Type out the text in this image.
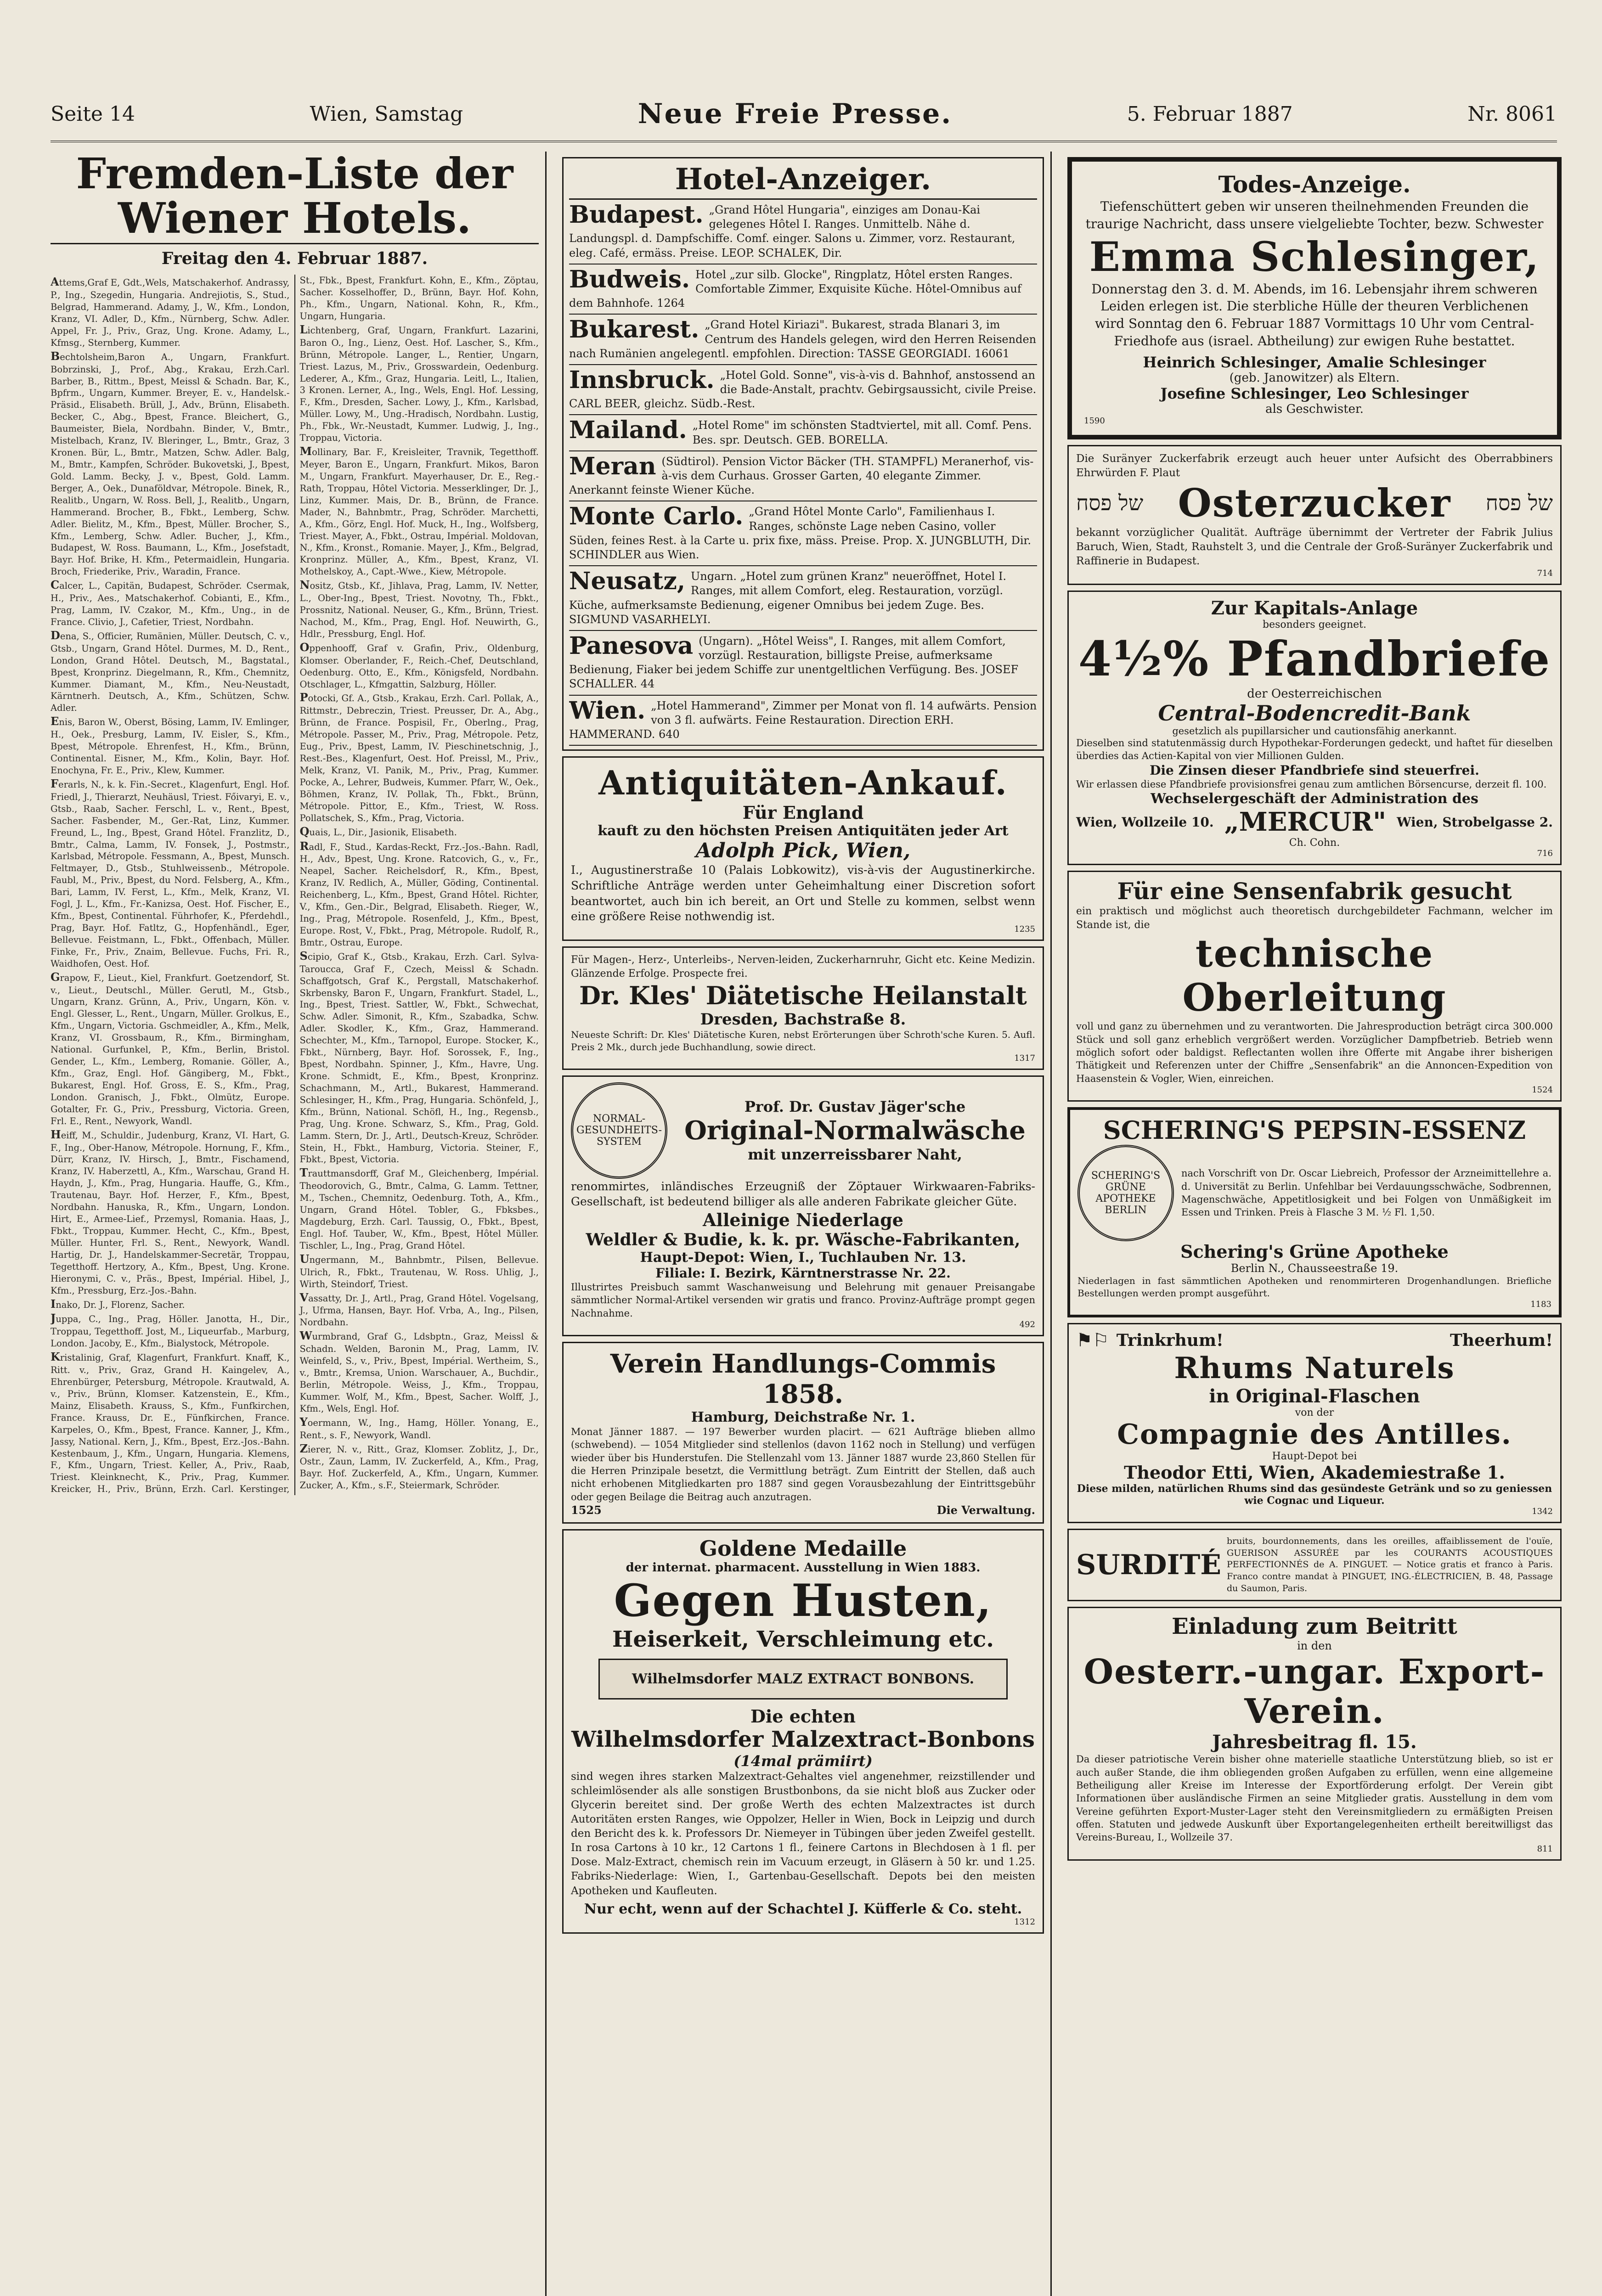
Seite 14	Wien, Samstag	Neue Freie Presse.	5. Februar 1887	Nr. 8061
Fremden-Liste der Wiener Hotels.
Freitag den 4. Februar 1887.

Attems,Graf E, Gdt.,Wels, Matschakerhof. Andrassy, P., Ing., Szegedin, Hungaria. Andrejiotis, S., Stud., Belgrad, Hammerand. Adamy, J., W., Kfm., London, Kranz, VI. Adler, D., Kfm., Nürnberg, Schw. Adler. Appel, Fr. J., Priv., Graz, Ung. Krone. Adamy, L., Kfmsg., Sternberg, Kummer.

Bechtolsheim,Baron A., Ungarn, Frankfurt. Bobrzinski, J., Prof., Abg., Krakau, Erzh.Carl. Barber, B., Rittm., Bpest, Meissl & Schadn. Bar, K., Bpfrm., Ungarn, Kummer. Breyer, E. v., Handelsk.-Präsid., Elisabeth. Brüll, J., Adv., Brünn, Elisabeth. Becker, C., Abg., Bpest, France. Bleichert, G., Baumeister, Biela, Nordbahn. Binder, V., Bmtr., Mistelbach, Kranz, IV. Bleringer, L., Bmtr., Graz, 3 Kronen. Bür, L., Bmtr., Matzen, Schw. Adler. Balg, M., Bmtr., Kampfen, Schröder. Bukovetski, J., Bpest, Gold. Lamm. Becky, J. v., Bpest, Gold. Lamm. Berger, A., Oek., Dunaföldvar, Métropole. Binek, R., Realitb., Ungarn, W. Ross. Bell, J., Realitb., Ungarn, Hammerand. Brocher, B., Fbkt., Lemberg, Schw. Adler. Bielitz, M., Kfm., Bpest, Müller. Brocher, S., Kfm., Lemberg, Schw. Adler. Bucher, J., Kfm., Budapest, W. Ross. Baumann, L., Kfm., Josefstadt, Bayr. Hof. Brike, H. Kfm., Petermaidlein, Hungaria. Broch, Friederike, Priv., Waradin, France.

Calcer, L., Capitän, Budapest, Schröder. Csermak, H., Priv., Aes., Matschakerhof. Cobianti, E., Kfm., Prag, Lamm, IV. Czakor, M., Kfm., Ung., in de France. Clivio, J., Cafetier, Triest, Nordbahn.

Dena, S., Officier, Rumänien, Müller. Deutsch, C. v., Gtsb., Ungarn, Grand Hôtel. Durmes, M. D., Rent., London, Grand Hôtel. Deutsch, M., Bagstatal., Bpest, Kronprinz. Diegelmann, R., Kfm., Chemnitz, Kummer. Diamant, M., Kfm., Neu-Neustadt, Kärntnerh. Deutsch, A., Kfm., Schützen, Schw. Adler.

Enis, Baron W., Oberst, Bösing, Lamm, IV. Emlinger, H., Oek., Presburg, Lamm, IV. Eisler, S., Kfm., Bpest, Métropole. Ehrenfest, H., Kfm., Brünn, Continental. Eisner, M., Kfm., Kolin, Bayr. Hof. Enochyna, Fr. E., Priv., Klew, Kummer.

Ferarls, N., k. k. Fin.-Secret., Klagenfurt, Engl. Hof. Friedl, J., Thierarzt, Neuhäusl, Triest. Főivaryi, E. v., Gtsb., Raab, Sacher. Ferschl, L. v., Rent., Bpest, Sacher. Fasbender, M., Ger.-Rat, Linz, Kummer. Freund, L., Ing., Bpest, Grand Hôtel. Franzlitz, D., Bmtr., Calma, Lamm, IV. Fonsek, J., Postmstr., Karlsbad, Métropole. Fessmann, A., Bpest, Munsch. Feltmayer, D., Gtsb., Stuhlweissenb., Métropole. Faubl, M., Priv., Bpest, du Nord. Felsberg, A., Kfm., Bari, Lamm, IV. Ferst, L., Kfm., Melk, Kranz, VI. Fogl, J. L., Kfm., Fr.-Kanizsa, Oest. Hof. Fischer, E., Kfm., Bpest, Continental. Führhofer, K., Pferdehdl., Prag, Bayr. Hof. Fatltz, G., Hopfenhändl., Eger, Bellevue. Feistmann, L., Fbkt., Offenbach, Müller. Finke, Fr., Priv., Znaim, Bellevue. Fuchs, Fri. R., Waidhofen, Oest. Hof.

Grapow, F., Lieut., Kiel, Frankfurt. Goetzendorf, St. v., Lieut., Deutschl., Müller. Gerutl, M., Gtsb., Ungarn, Kranz. Grünn, A., Priv., Ungarn, Kön. v. Engl. Glesser, L., Rent., Ungarn, Müller. Grolkus, E., Kfm., Ungarn, Victoria. Gschmeidler, A., Kfm., Melk, Kranz, VI. Grossbaum, R., Kfm., Birmingham, National. Gurfunkel, P., Kfm., Berlin, Bristol. Gender, L., Kfm., Lemberg, Romanie. Göller, A., Kfm., Graz, Engl. Hof. Gängiberg, M., Fbkt., Bukarest, Engl. Hof. Gross, E. S., Kfm., Prag, London. Granisch, J., Fbkt., Olmütz, Europe. Gotalter, Fr. G., Priv., Pressburg, Victoria. Green, Frl. E., Rent., Newyork, Wandl.

Heiff, M., Schuldir., Judenburg, Kranz, VI. Hart, G. F., Ing., Ober-Hanow, Métropole. Hornung, F., Kfm., Dürr, Kranz, IV. Hirsch, J., Bmtr., Fischamend, Kranz, IV. Haberzettl, A., Kfm., Warschau, Grand H. Haydn, J., Kfm., Prag, Hungaria. Hauffe, G., Kfm., Trautenau, Bayr. Hof. Herzer, F., Kfm., Bpest, Nordbahn. Hanuska, R., Kfm., Ungarn, London. Hirt, E., Armee-Lief., Przemysl, Romania. Haas, J., Fbkt., Troppau, Kummer. Hecht, C., Kfm., Bpest, Müller. Hunter, Frl. S., Rent., Newyork, Wandl. Hartig, Dr. J., Handelskammer-Secretär, Troppau, Tegetthoff. Hertzory, A., Kfm., Bpest, Ung. Krone. Hieronymi, C. v., Präs., Bpest, Impérial. Hibel, J., Kfm., Pressburg, Erz.-Jos.-Bahn.

Inako, Dr. J., Florenz, Sacher.

Juppa, C., Ing., Prag, Höller. Janotta, H., Dir., Troppau, Tegetthoff. Jost, M., Liqueurfab., Marburg, London. Jacoby, E., Kfm., Bialystock, Métropole.

Kristalinig, Graf, Klagenfurt, Frankfurt. Knaff, K., Ritt. v., Priv., Graz, Grand H. Kaingelev, A., Ehrenbürger, Petersburg, Métropole. Krautwald, A. v., Priv., Brünn, Klomser. Katzenstein, E., Kfm., Mainz, Elisabeth. Krauss, S., Kfm., Funfkirchen, France. Krauss, Dr. E., Fünfkirchen, France. Karpeles, O., Kfm., Bpest, France. Kanner, J., Kfm., Jassy, National. Kern, J., Kfm., Bpest, Erz.-Jos.-Bahn. Kestenbaum, J., Kfm., Ungarn, Hungaria. Klemens, F., Kfm., Ungarn, Triest. Keller, A., Priv., Raab, Triest. Kleinknecht, K., Priv., Prag, Kummer. Kreicker, H., Priv., Brünn, Erzh. Carl. Kerstinger, St., Fbk., Bpest, Frankfurt. Kohn, E., Kfm., Zöptau, Sacher. Kosselhoffer, D., Brünn, Bayr. Hof. Kohn, Ph., Kfm., Ungarn, National. Kohn, R., Kfm., Ungarn, Hungaria.

Lichtenberg, Graf, Ungarn, Frankfurt. Lazarini, Baron O., Ing., Lienz, Oest. Hof. Lascher, S., Kfm., Brünn, Métropole. Langer, L., Rentier, Ungarn, Triest. Lazus, M., Priv., Grosswardein, Oedenburg. Lederer, A., Kfm., Graz, Hungaria. Leitl, L., Italien, 3 Kronen. Lerner, A., Ing., Wels, Engl. Hof. Lessing, F., Kfm., Dresden, Sacher. Lowy, J., Kfm., Karlsbad, Müller. Lowy, M., Ung.-Hradisch, Nordbahn. Lustig, Ph., Fbk., Wr.-Neustadt, Kummer. Ludwig, J., Ing., Troppau, Victoria.

Mollinary, Bar. F., Kreisleiter, Travnik, Tegetthoff. Meyer, Baron E., Ungarn, Frankfurt. Mikos, Baron M., Ungarn, Frankfurt. Mayerhauser, Dr. E., Reg.-Rath, Troppau, Hôtel Victoria. Messerklinger, Dr. J., Linz, Kummer. Mais, Dr. B., Brünn, de France. Mader, N., Bahnbmtr., Prag, Schröder. Marchetti, A., Kfm., Görz, Engl. Hof. Muck, H., Ing., Wolfsberg, Triest. Mayer, A., Fbkt., Ostrau, Impérial. Moldovan, N., Kfm., Kronst., Romanie. Mayer, J., Kfm., Belgrad, Kronprinz. Müller, A., Kfm., Bpest, Kranz, VI. Mothelskoy, A., Capt.-Wwe., Kiew, Métropole.

Nositz, Gtsb., Kf., Jihlava, Prag, Lamm, IV. Netter, L., Ober-Ing., Bpest, Triest. Novotny, Th., Fbkt., Prossnitz, National. Neuser, G., Kfm., Brünn, Triest. Nachod, M., Kfm., Prag, Engl. Hof. Neuwirth, G., Hdlr., Pressburg, Engl. Hof.

Oppenhooff, Graf v. Grafin, Priv., Oldenburg, Klomser. Oberlander, F., Reich.-Chef, Deutschland, Oedenburg. Otto, E., Kfm., Königsfeld, Nordbahn. Otschlager, L., Kfmgattin, Salzburg, Höller.

Potocki, Gf. A., Gtsb., Krakau, Erzh. Carl. Pollak, A., Rittmstr., Debreczin, Triest. Preusser, Dr. A., Abg., Brünn, de France. Pospisil, Fr., Oberlng., Prag, Métropole. Passer, M., Priv., Prag, Métropole. Petz, Eug., Priv., Bpest, Lamm, IV. Pieschinetschnig, J., Rest.-Bes., Klagenfurt, Oest. Hof. Preissl, M., Priv., Melk, Kranz, VI. Panik, M., Priv., Prag, Kummer. Pocke, A., Lehrer, Budweis, Kummer. Pfarr, W., Oek., Böhmen, Kranz, IV. Pollak, Th., Fbkt., Brünn, Métropole. Pittor, E., Kfm., Triest, W. Ross. Pollatschek, S., Kfm., Prag, Victoria.

Quais, L., Dir., Jasionik, Elisabeth.

Radl, F., Stud., Kardas-Reckt, Frz.-Jos.-Bahn. Radl, H., Adv., Bpest, Ung. Krone. Ratcovich, G., v., Fr., Neapel, Sacher. Reichelsdorf, R., Kfm., Bpest, Kranz, IV. Redlich, A., Müller, Göding, Continental. Reichenberg, L., Kfm., Bpest, Grand Hôtel. Richter, V., Kfm., Gen.-Dir., Belgrad, Elisabeth. Rieger, W., Ing., Prag, Métropole. Rosenfeld, J., Kfm., Bpest, Europe. Rost, V., Fbkt., Prag, Métropole. Rudolf, R., Bmtr., Ostrau, Europe.

Scipio, Graf K., Gtsb., Krakau, Erzh. Carl. Sylva-Taroucca, Graf F., Czech, Meissl & Schadn. Schaffgotsch, Graf K., Pergstall, Matschakerhof. Skrbensky, Baron F., Ungarn, Frankfurt. Stadel, L., Ing., Bpest, Triest. Sattler, W., Fbkt., Schwechat, Schw. Adler. Simonit, R., Kfm., Szabadka, Schw. Adler. Skodler, K., Kfm., Graz, Hammerand. Schechter, M., Kfm., Tarnopol, Europe. Stocker, K., Fbkt., Nürnberg, Bayr. Hof. Sorossek, F., Ing., Bpest, Nordbahn. Spinner, J., Kfm., Havre, Ung. Krone. Schmidt, E., Kfm., Bpest, Kronprinz. Schachmann, M., Artl., Bukarest, Hammerand. Schlesinger, H., Kfm., Prag, Hungaria. Schönfeld, J., Kfm., Brünn, National. Schöfl, H., Ing., Regensb., Prag, Ung. Krone. Schwarz, S., Kfm., Prag, Gold. Lamm. Stern, Dr. J., Artl., Deutsch-Kreuz, Schröder. Stein, H., Fbkt., Hamburg, Victoria. Steiner, F., Fbkt., Bpest, Victoria.

Trauttmansdorff, Graf M., Gleichenberg, Impérial. Theodorovich, G., Bmtr., Calma, G. Lamm. Tettner, M., Tschen., Chemnitz, Oedenburg. Toth, A., Kfm., Ungarn, Grand Hôtel. Tobler, G., Fbksbes., Magdeburg, Erzh. Carl. Taussig, O., Fbkt., Bpest, Engl. Hof. Tauber, W., Kfm., Bpest, Hôtel Müller. Tischler, L., Ing., Prag, Grand Hôtel.

Ungermann, M., Bahnbmtr., Pilsen, Bellevue. Ulrich, R., Fbkt., Trautenau, W. Ross. Uhlig, J., Wirth, Steindorf, Triest.

Vassatty, Dr. J., Artl., Prag, Grand Hôtel. Vogelsang, J., Ufrma, Hansen, Bayr. Hof. Vrba, A., Ing., Pilsen, Nordbahn.

Wurmbrand, Graf G., Ldsbptn., Graz, Meissl & Schadn. Welden, Baronin M., Prag, Lamm, IV. Weinfeld, S., v., Priv., Bpest, Impérial. Wertheim, S., v., Bmtr., Kremsa, Union. Warschauer, A., Buchdir., Berlin, Métropole. Weiss, J., Kfm., Troppau, Kummer. Wolf, M., Kfm., Bpest, Sacher. Wolff, J., Kfm., Wels, Engl. Hof.

Yoermann, W., Ing., Hamg, Höller. Yonang, E., Rent., s. F., Newyork, Wandl.

Zierer, N. v., Ritt., Graz, Klomser. Zoblitz, J., Dr., Ostr., Zaun, Lamm, IV. Zuckerfeld, A., Kfm., Prag, Bayr. Hof. Zuckerfeld, A., Kfm., Ungarn, Kummer. Zucker, A., Kfm., s.F., Steiermark, Schröder.

Hotel-Anzeiger.
Budapest. „Grand Hôtel Hungaria", einziges am Donau-Kai gelegenes Hôtel I. Ranges. Unmittelb. Nähe d. Landungspl. d. Dampfschiffe. Comf. einger. Salons u. Zimmer, vorz. Restaurant, eleg. Café, ermäss. Preise. LEOP. SCHALEK, Dir.
Budweis. Hotel „zur silb. Glocke", Ringplatz, Hôtel ersten Ranges. Comfortable Zimmer, Exquisite Küche. Hôtel-Omnibus auf dem Bahnhofe. 1264
Bukarest. „Grand Hotel Kiriazi". Bukarest, strada Blanari 3, im Centrum des Handels gelegen, wird den Herren Reisenden nach Rumänien angelegentl. empfohlen. Direction: TASSE GEORGIADI. 16061
Innsbruck. „Hotel Gold. Sonne", vis-à-vis d. Bahnhof, anstossend an die Bade-Anstalt, prachtv. Gebirgsaussicht, civile Preise. CARL BEER, gleichz. Südb.-Rest.
Mailand. „Hotel Rome" im schönsten Stadtviertel, mit all. Comf. Pens. Bes. spr. Deutsch. GEB. BORELLA.
Meran (Südtirol). Pension Victor Bäcker (TH. STAMPFL) Meranerhof, vis-à-vis dem Curhaus. Grosser Garten, 40 elegante Zimmer. Anerkannt feinste Wiener Küche.
Monte Carlo. „Grand Hôtel Monte Carlo", Familienhaus I. Ranges, schönste Lage neben Casino, voller Süden, feines Rest. à la Carte u. prix fixe, mäss. Preise. Prop. X. JUNGBLUTH, Dir. SCHINDLER aus Wien.
Neusatz, Ungarn. „Hotel zum grünen Kranz" neueröffnet, Hotel I. Ranges, mit allem Comfort, eleg. Restauration, vorzügl. Küche, aufmerksamste Bedienung, eigener Omnibus bei jedem Zuge. Bes. SIGMUND VASARHELYI.
Panesova (Ungarn). „Hôtel Weiss", I. Ranges, mit allem Comfort, vorzügl. Restauration, billigste Preise, aufmerksame Bedienung, Fiaker bei jedem Schiffe zur unentgeltlichen Verfügung. Bes. JOSEF SCHALLER. 44
Wien. „Hotel Hammerand", Zimmer per Monat von fl. 14 aufwärts. Pension von 3 fl. aufwärts. Feine Restauration. Direction ERH. HAMMERAND. 640
Antiquitäten-Ankauf.
Für England
kauft zu den höchsten Preisen Antiquitäten jeder Art
Adolph Pick, Wien,
I., Augustinerstraße 10 (Palais Lobkowitz), vis-à-vis der Augustinerkirche. Schriftliche Anträge werden unter Geheimhaltung einer Discretion sofort beantwortet, auch bin ich bereit, an Ort und Stelle zu kommen, selbst wenn eine größere Reise nothwendig ist.
1235
Für Magen-, Herz-, Unterleibs-, Nerven-leiden, Zuckerharnruhr, Gicht etc. Keine Medizin. Glänzende Erfolge. Prospecte frei.
Dr. Kles' Diätetische Heilanstalt
Dresden, Bachstraße 8.
Neueste Schrift: Dr. Kles' Diätetische Kuren, nebst Erörterungen über Schroth'sche Kuren. 5. Aufl. Preis 2 Mk., durch jede Buchhandlung, sowie direct.
1317
NORMAL-GESUNDHEITS-SYSTEM
Prof. Dr. Gustav Jäger'sche
Original-Normalwäsche
mit unzerreissbarer Naht,
renommirtes, inländisches Erzeugniß der Zöptauer Wirkwaaren-Fabriks-Gesellschaft, ist bedeutend billiger als alle anderen Fabrikate gleicher Güte.
Alleinige Niederlage
Weldler & Budie, k. k. pr. Wäsche-Fabrikanten,
Haupt-Depot: Wien, I., Tuchlauben Nr. 13.
Filiale: I. Bezirk, Kärntnerstrasse Nr. 22.
Illustrirtes Preisbuch sammt Waschanweisung und Belehrung mit genauer Preisangabe sämmtlicher Normal-Artikel versenden wir gratis und franco. Provinz-Aufträge prompt gegen Nachnahme.
492
Verein Handlungs-Commis 1858.
Hamburg, Deichstraße Nr. 1.
Monat Jänner 1887. — 197 Bewerber wurden placirt. — 621 Aufträge blieben allmo (schwebend). — 1054 Mitglieder sind stellenlos (davon 1162 noch in Stellung) und verfügen wieder über bis Hunderstufen. Die Stellenzahl vom 13. Jänner 1887 wurde 23,860 Stellen für die Herren Prinzipale besetzt, die Vermittlung beträgt. Zum Eintritt der Stellen, daß auch nicht erhobenen Mitgliedkarten pro 1887 sind gegen Vorausbezahlung der Eintrittsgebühr oder gegen Beilage die Beitrag auch anzutragen.
1525	Die Verwaltung.
Goldene Medaille
der internat. pharmacent. Ausstellung in Wien 1883.
Gegen Husten,
Heiserkeit, Verschleimung etc.
Wilhelmsdorfer MALZ EXTRACT BONBONS.
Die echten
Wilhelmsdorfer Malzextract-Bonbons
(14mal prämiirt)
sind wegen ihres starken Malzextract-Gehaltes viel angenehmer, reizstillender und schleimlösender als alle sonstigen Brustbonbons, da sie nicht bloß aus Zucker oder Glycerin bereitet sind. Der große Werth des echten Malzextractes ist durch Autoritäten ersten Ranges, wie Oppolzer, Heller in Wien, Bock in Leipzig und durch den Bericht des k. k. Professors Dr. Niemeyer in Tübingen über jeden Zweifel gestellt. In rosa Cartons à 10 kr., 12 Cartons 1 fl., feinere Cartons in Blechdosen à 1 fl. per Dose. Malz-Extract, chemisch rein im Vacuum erzeugt, in Gläsern à 50 kr. und 1.25. Fabriks-Niederlage: Wien, I., Gartenbau-Gesellschaft. Depots bei den meisten Apotheken und Kaufleuten.
Nur echt, wenn auf der Schachtel J. Küfferle & Co. steht.
1312
Todes-Anzeige.
Tiefenschüttert geben wir unseren theilnehmenden Freunden die traurige Nachricht, dass unsere vielgeliebte Tochter, bezw. Schwester
Emma Schlesinger,
Donnerstag den 3. d. M. Abends, im 16. Lebensjahr ihrem schweren Leiden erlegen ist. Die sterbliche Hülle der theuren Verblichenen wird Sonntag den 6. Februar 1887 Vormittags 10 Uhr vom Central-Friedhofe aus (israel. Abtheilung) zur ewigen Ruhe bestattet.
Heinrich Schlesinger, Amalie Schlesinger
(geb. Janowitzer) als Eltern.
Josefine Schlesinger, Leo Schlesinger
als Geschwister.
1590
Die Suränyer Zuckerfabrik erzeugt auch heuer unter Aufsicht des Oberrabbiners Ehrwürden F. Plaut
של פסח Osterzucker של פסח
bekannt vorzüglicher Qualität. Aufträge übernimmt der Vertreter der Fabrik Julius Baruch, Wien, Stadt, Rauhstelt 3, und die Centrale der Groß-Suränyer Zuckerfabrik und Raffinerie in Budapest.
714
Zur Kapitals-Anlage
besonders geeignet.
4½% Pfandbriefe
der Oesterreichischen
Central-Bodencredit-Bank
gesetzlich als pupillarsicher und cautionsfähig anerkannt.
Dieselben sind statutenmässig durch Hypothekar-Forderungen gedeckt, und haftet für dieselben überdies das Actien-Kapital von vier Millionen Gulden.
Die Zinsen dieser Pfandbriefe sind steuerfrei.
Wir erlassen diese Pfandbriefe provisionsfrei genau zum amtlichen Börsencurse, derzeit fl. 100.
Wechselergeschäft der Administration des
Wien, Wollzeile 10. „MERCUR" Wien, Strobelgasse 2.
Ch. Cohn.
716
Für eine Sensenfabrik gesucht
ein praktisch und möglichst auch theoretisch durchgebildeter Fachmann, welcher im Stande ist, die
technische Oberleitung
voll und ganz zu übernehmen und zu verantworten. Die Jahresproduction beträgt circa 300.000 Stück und soll ganz erheblich vergrößert werden. Vorzüglicher Dampfbetrieb. Betrieb wenn möglich sofort oder baldigst. Reflectanten wollen ihre Offerte mit Angabe ihrer bisherigen Thätigkeit und Referenzen unter der Chiffre „Sensenfabrik" an die Annoncen-Expedition von Haasenstein & Vogler, Wien, einreichen.
1524
SCHERING'S PEPSIN-ESSENZ
SCHERING'S GRÜNE APOTHEKE BERLIN
nach Vorschrift von Dr. Oscar Liebreich, Professor der Arzneimittellehre a. d. Universität zu Berlin. Unfehlbar bei Verdauungsschwäche, Sodbrennen, Magenschwäche, Appetitlosigkeit und bei Folgen von Unmäßigkeit im Essen und Trinken. Preis à Flasche 3 M. ½ Fl. 1,50.
Schering's Grüne Apotheke
Berlin N., Chausseestraße 19.
Niederlagen in fast sämmtlichen Apotheken und renommirteren Drogenhandlungen. Briefliche Bestellungen werden prompt ausgeführt.
1183
⚑⚐ Trinkrhum!	Theerhum!
Rhums Naturels
in Original-Flaschen
von der
Compagnie des Antilles.
Haupt-Depot bei
Theodor Etti, Wien, Akademiestraße 1.
Diese milden, natürlichen Rhums sind das gesündeste Getränk und so zu geniessen wie Cognac und Liqueur.
1342
SURDITÉ
bruits, bourdonnements, dans les oreilles, affaiblissement de l'ouïe, GUERISON ASSURÉE par les COURANTS ACOUSTIQUES PERFECTIONNÉS de A. PINGUET. — Notice gratis et franco à Paris. Franco contre mandat à PINGUET, ING.-ÉLECTRICIEN, B. 48, Passage du Saumon, Paris.
Einladung zum Beitritt
in den
Oesterr.-ungar. Export-Verein.
Jahresbeitrag fl. 15.
Da dieser patriotische Verein bisher ohne materielle staatliche Unterstützung blieb, so ist er auch außer Stande, die ihm obliegenden großen Aufgaben zu erfüllen, wenn eine allgemeine Betheiligung aller Kreise im Interesse der Exportförderung erfolgt. Der Verein gibt Informationen über ausländische Firmen an seine Mitglieder gratis. Ausstellung in dem vom Vereine geführten Export-Muster-Lager steht den Vereinsmitgliedern zu ermäßigten Preisen offen. Statuten und jedwede Auskunft über Exportangelegenheiten ertheilt bereitwilligst das Vereins-Bureau, I., Wollzeile 37.
811
